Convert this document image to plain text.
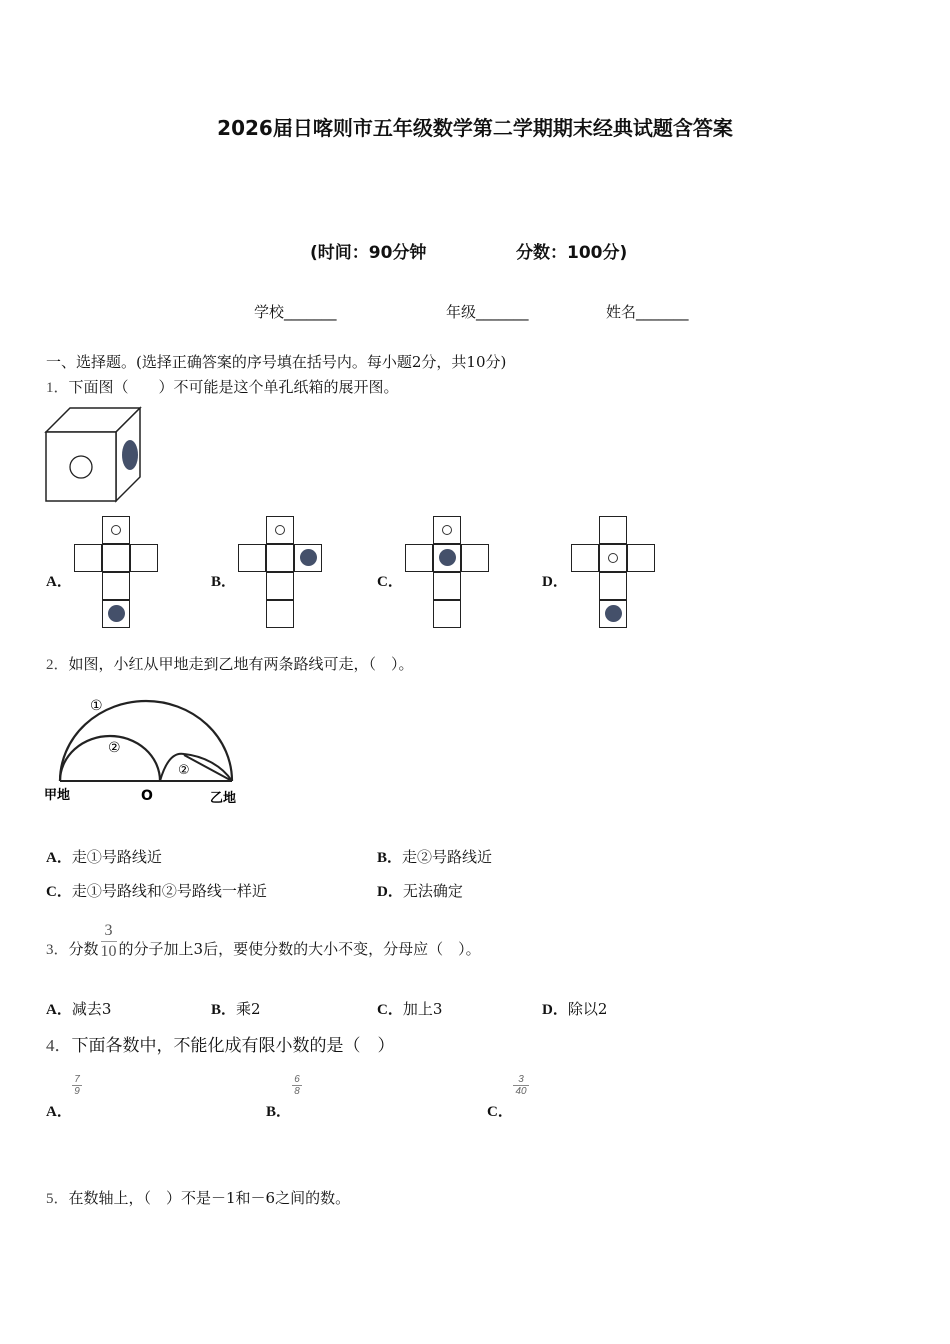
2026届日喀则市五年级数学第二学期期末经典试题含答案
(时间：90分钟	分数：100分)
学校_______	年级_______	姓名_______
一、选择题。(选择正确答案的序号填在括号内。每小题2分，共10分)
1．下面图（　　）不可能是这个单孔纸箱的展开图。
A．	B．	C．	D．
2．如图，小红从甲地走到乙地有两条路线可走，（　）。
①
②
②
甲地	O	乙地
A．走①号路线近	B．走②号路线近
C．走①号路线和②号路线一样近	D．无法确定
3． 分数 $\frac{3}{10}$ 的分子加上3后，要使分数的大小不变，分母应（　）。
A．减去3	B．乘2	C．加上3	D．除以2
4．下面各数中，不能化成有限小数的是（　）
A．
7
9
B．
6
8
C．
3
40
5．在数轴上，（　）不是－1和－6之间的数。
